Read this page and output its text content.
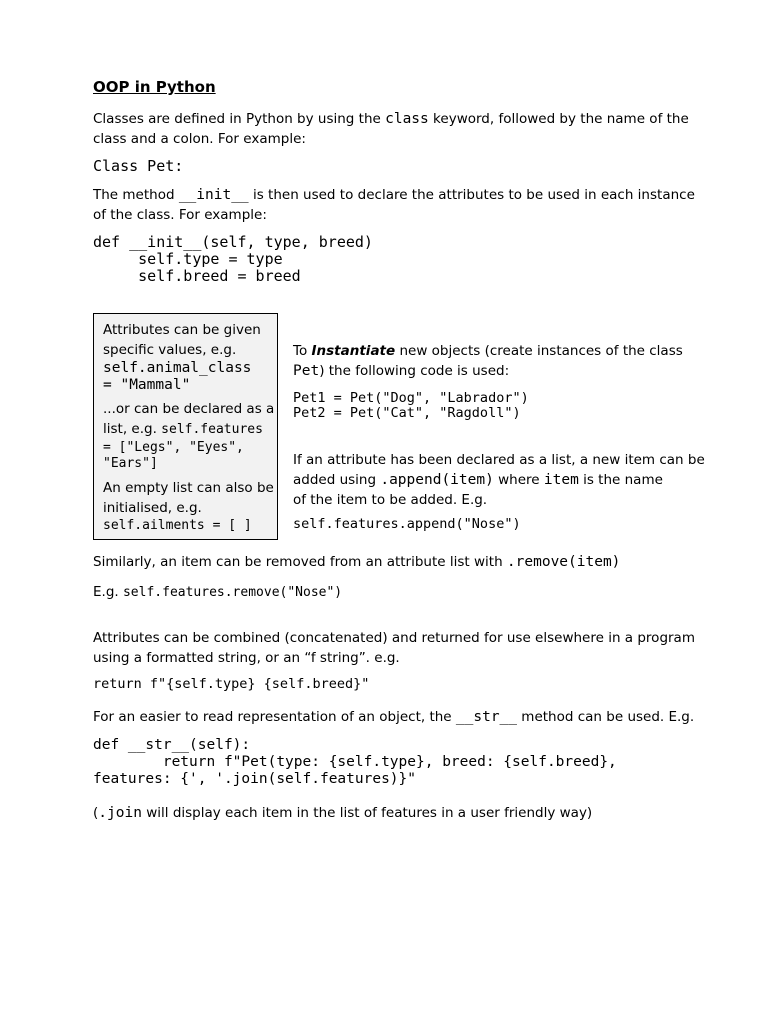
OOP in Python
Classes are defined in Python by using the class keyword, followed by the name of the
class and a colon. For example:
Class Pet:
The method __init__ is then used to declare the attributes to be used in each instance
of the class. For example:
def __init__(self, type, breed)
self.type = type
self.breed = breed

Attributes can be given
specific values, e.g.

self.animal_class
= "Mammal"

...or can be declared as a
list, e.g. self.features

= ["Legs", "Eyes",
"Ears"]

An empty list can also be
initialised, e.g.

self.ailments = [ ]
To Instantiate new objects (create instances of the class
Pet) the following code is used:
Pet1 = Pet("Dog", "Labrador")
Pet2 = Pet("Cat", "Ragdoll")
If an attribute has been declared as a list, a new item can be
added using .append(item) where item is the name
of the item to be added. E.g.
self.features.append("Nose")
Similarly, an item can be removed from an attribute list with .remove(item)
E.g. self.features.remove("Nose")
Attributes can be combined (concatenated) and returned for use elsewhere in a program
using a formatted string, or an “f string”. e.g.
return f"{self.type} {self.breed}"
For an easier to read representation of an object, the __str__ method can be used. E.g.
def __str__(self):
return f"Pet(type: {self.type}, breed: {self.breed},
features: {', '.join(self.features)}"
(.join will display each item in the list of features in a user friendly way)
